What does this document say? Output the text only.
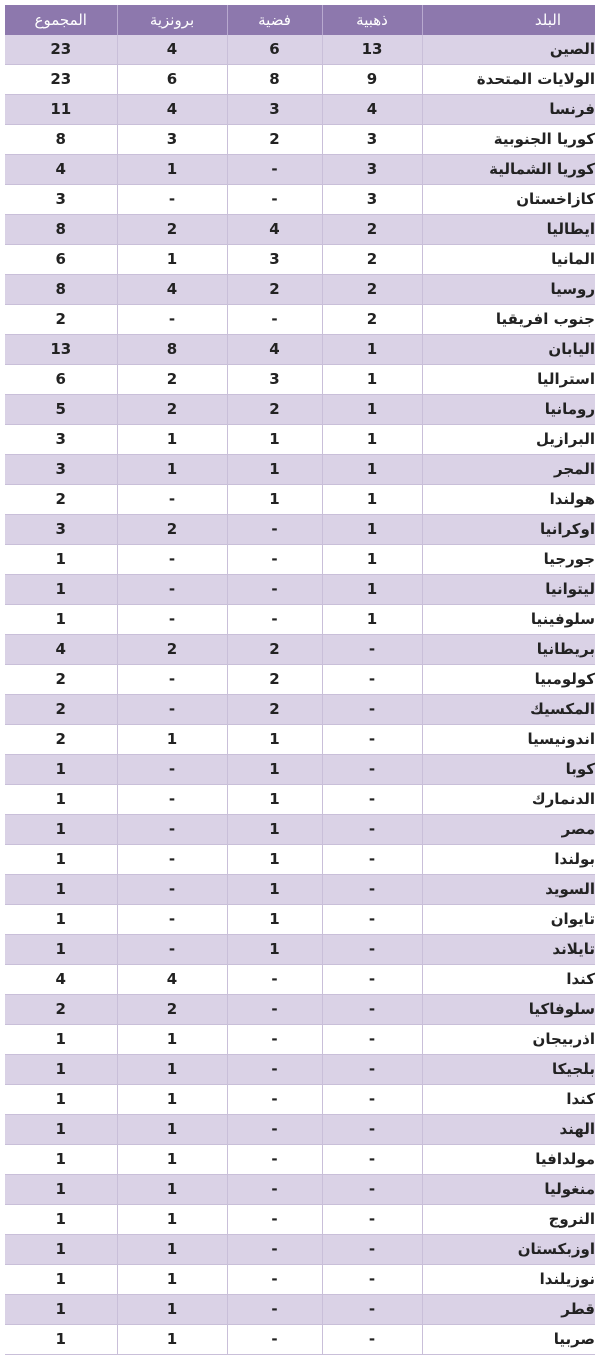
المجموع	برونزية	فضية	ذهبية	البلد
23	4	6	13	الصين
23	6	8	9	الولايات المتحدة
11	4	3	4	فرنسا
8	3	2	3	كوريا الجنوبية
4	1	-	3	كوريا الشمالية
3	-	-	3	كازاخستان
8	2	4	2	ايطاليا
6	1	3	2	المانيا
8	4	2	2	روسيا
2	-	-	2	جنوب افريقيا
13	8	4	1	اليابان
6	2	3	1	استراليا
5	2	2	1	رومانيا
3	1	1	1	البرازيل
3	1	1	1	المجر
2	-	1	1	هولندا
3	2	-	1	اوكرانيا
1	-	-	1	جورجيا
1	-	-	1	ليتوانيا
1	-	-	1	سلوفينيا
4	2	2	-	بريطانيا
2	-	2	-	كولومبيا
2	-	2	-	المكسيك
2	1	1	-	اندونيسيا
1	-	1	-	كوبا
1	-	1	-	الدنمارك
1	-	1	-	مصر
1	-	1	-	بولندا
1	-	1	-	السويد
1	-	1	-	تايوان
1	-	1	-	تايلاند
4	4	-	-	كندا
2	2	-	-	سلوفاكيا
1	1	-	-	اذربيجان
1	1	-	-	بلجيكا
1	1	-	-	كندا
1	1	-	-	الهند
1	1	-	-	مولدافيا
1	1	-	-	منغوليا
1	1	-	-	النروج
1	1	-	-	اوزبكستان
1	1	-	-	نوزيلندا
1	1	-	-	قطر
1	1	-	-	صربيا
